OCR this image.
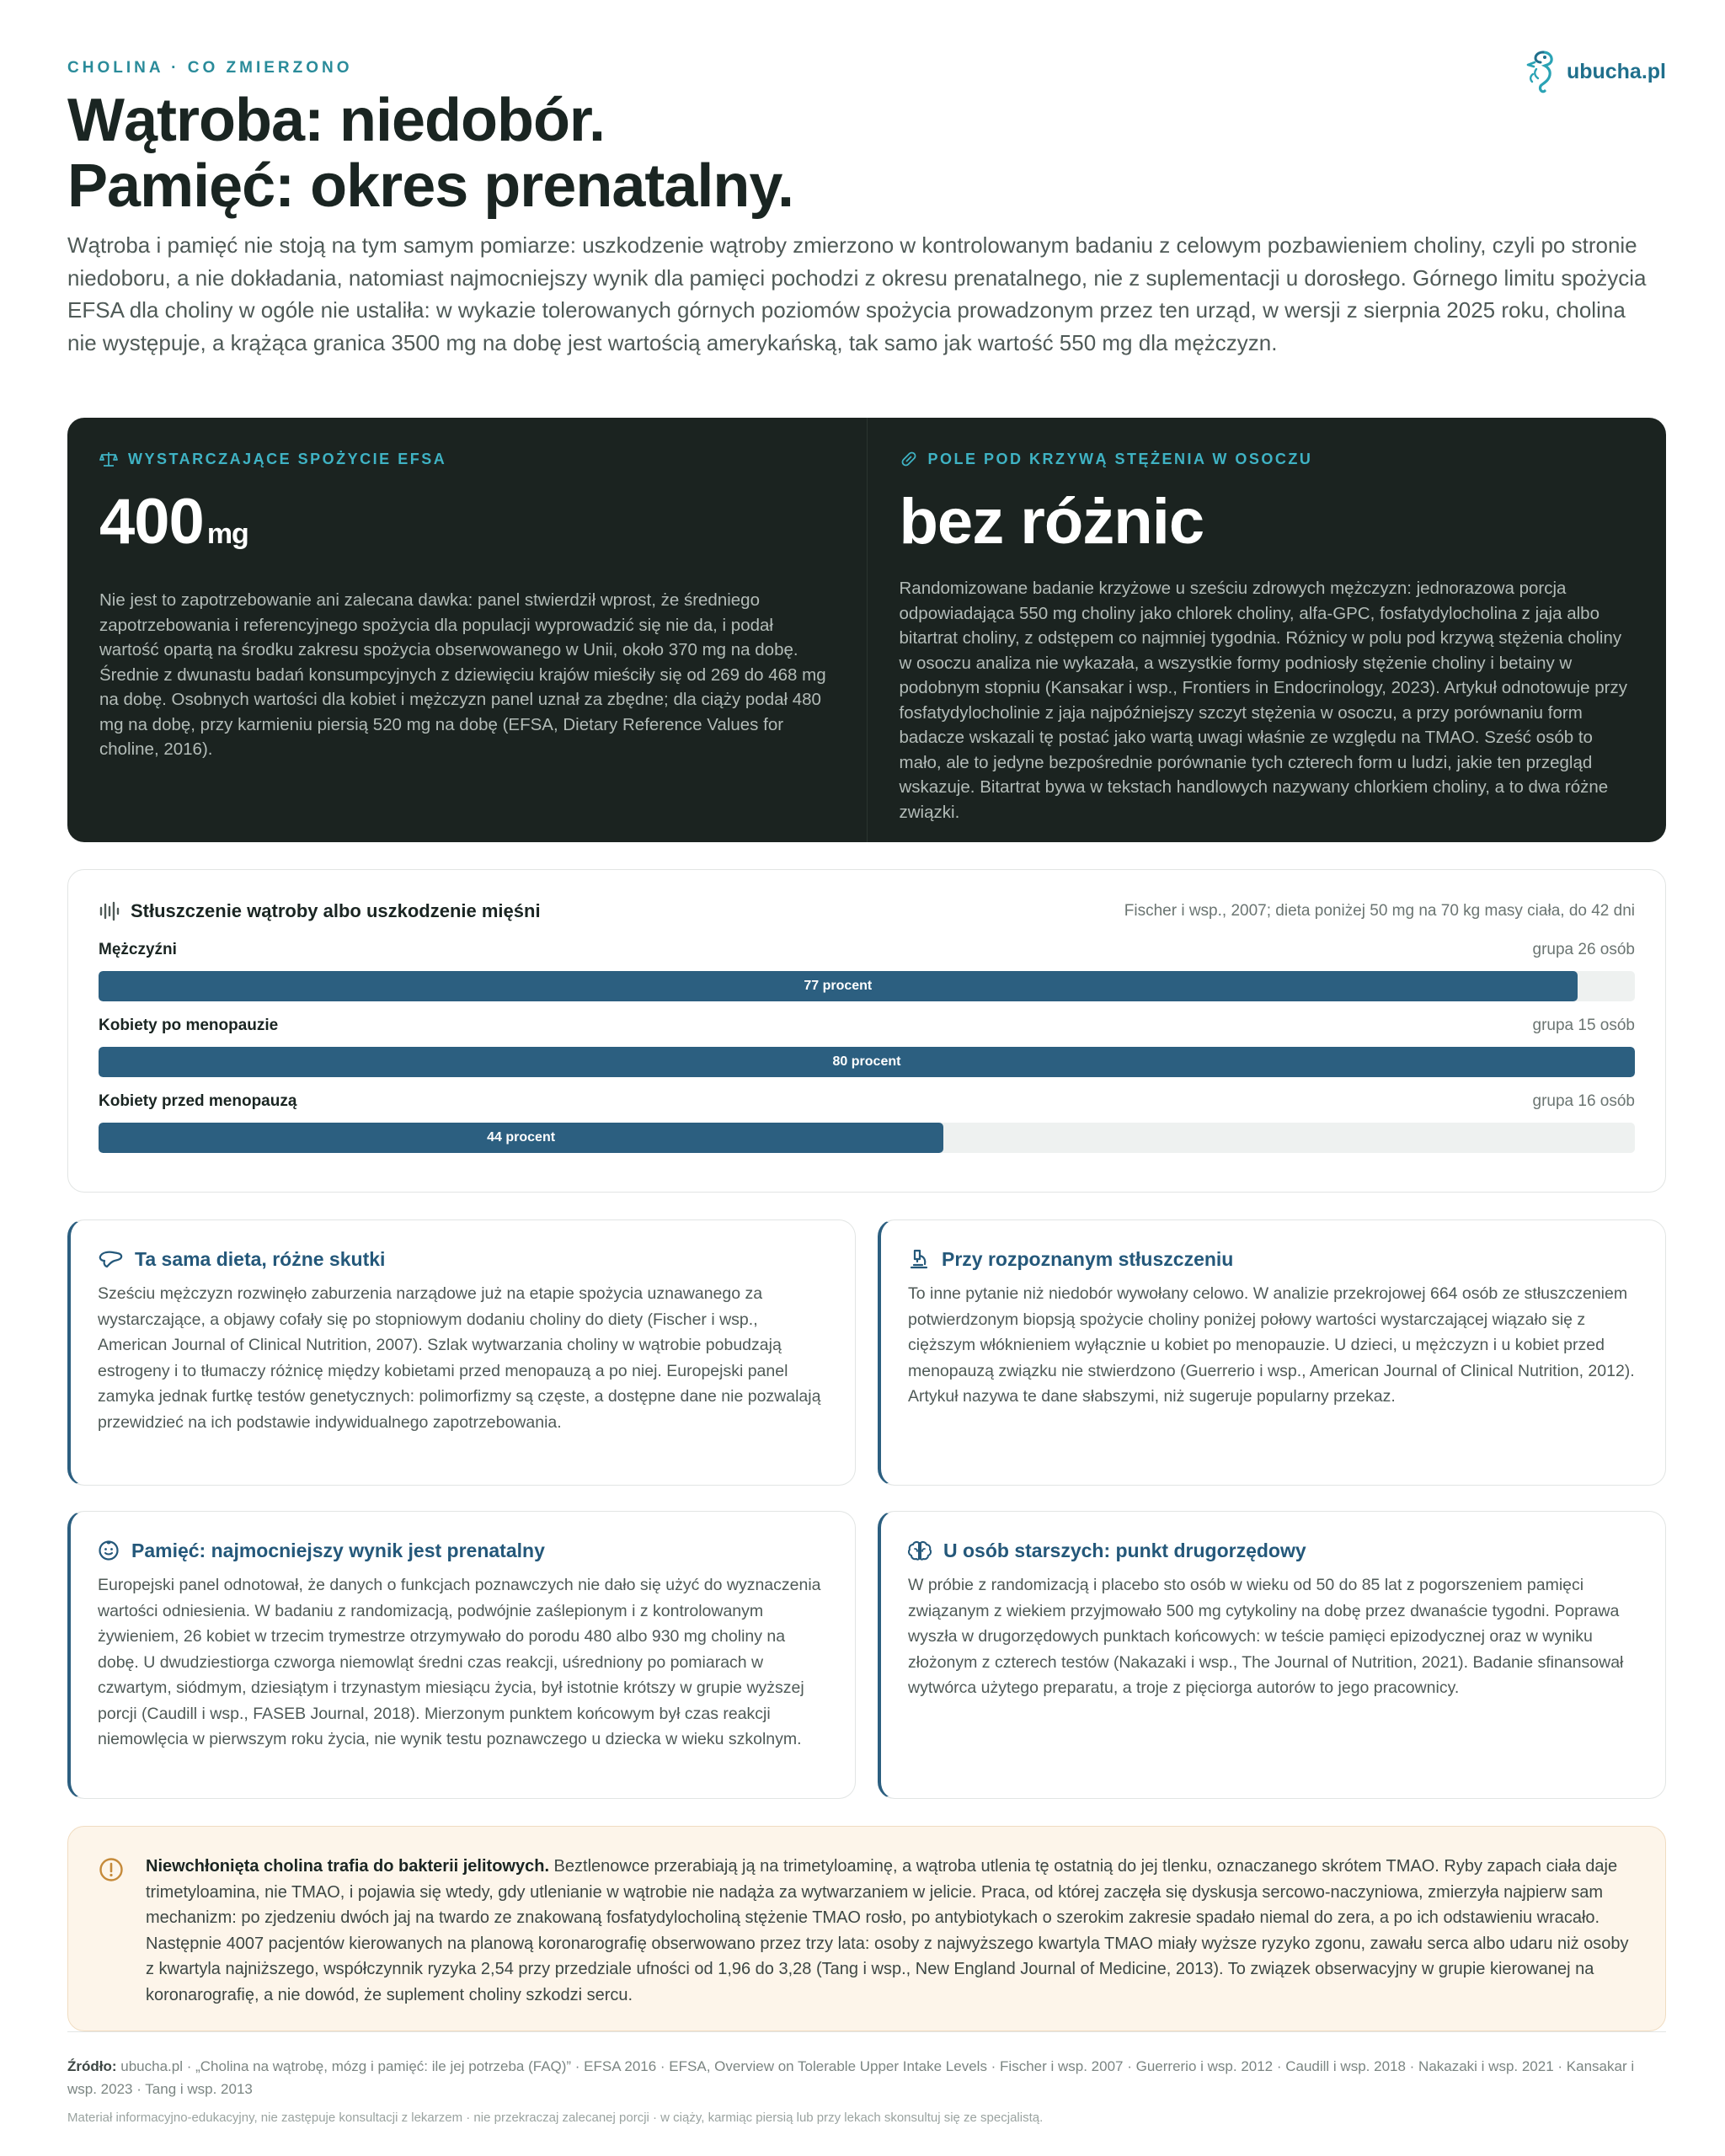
CHOLINA · CO ZMIERZONO	ubucha.pl
Wątroba: niedobór.
Pamięć: okres prenatalny.

Wątroba i pamięć nie stoją na tym samym pomiarze: uszkodzenie wątroby zmierzono w kontrolowanym badaniu z celowym pozbawieniem choliny, czyli po stronie niedoboru, a nie dokładania, natomiast najmocniejszy wynik dla pamięci pochodzi z okresu prenatalnego, nie z suplementacji u dorosłego. Górnego limitu spożycia EFSA dla choliny w ogóle nie ustaliła: w wykazie tolerowanych górnych poziomów spożycia prowadzonym przez ten urząd, w wersji z sierpnia 2025 roku, cholina nie występuje, a krążąca granica 3500 mg na dobę jest wartością amerykańską, tak samo jak wartość 550 mg dla mężczyzn.

WYSTARCZAJĄCE SPOŻYCIE EFSA
400 mg

Nie jest to zapotrzebowanie ani zalecana dawka: panel stwierdził wprost, że średniego zapotrzebowania i referencyjnego spożycia dla populacji wyprowadzić się nie da, i podał wartość opartą na środku zakresu spożycia obserwowanego w Unii, około 370 mg na dobę. Średnie z dwunastu badań konsumpcyjnych z dziewięciu krajów mieściły się od 269 do 468 mg na dobę. Osobnych wartości dla kobiet i mężczyzn panel uznał za zbędne; dla ciąży podał 480 mg na dobę, przy karmieniu piersią 520 mg na dobę (EFSA, Dietary Reference Values for choline, 2016).

POLE POD KRZYWĄ STĘŻENIA W OSOCZU
bez różnic

Randomizowane badanie krzyżowe u sześciu zdrowych mężczyzn: jednorazowa porcja odpowiadająca 550 mg choliny jako chlorek choliny, alfa-GPC, fosfatydylocholina z jaja albo bitartrat choliny, z odstępem co najmniej tygodnia. Różnicy w polu pod krzywą stężenia choliny w osoczu analiza nie wykazała, a wszystkie formy podniosły stężenie choliny i betainy w podobnym stopniu (Kansakar i wsp., Frontiers in Endocrinology, 2023). Artykuł odnotowuje przy fosfatydylocholinie z jaja najpóźniejszy szczyt stężenia w osoczu, a przy porównaniu form badacze wskazali tę postać jako wartą uwagi właśnie ze względu na TMAO. Sześć osób to mało, ale to jedyne bezpośrednie porównanie tych czterech form u ludzi, jakie ten przegląd wskazuje. Bitartrat bywa w tekstach handlowych nazywany chlorkiem choliny, a to dwa różne związki.

Stłuszczenie wątroby albo uszkodzenie mięśni	Fischer i wsp., 2007; dieta poniżej 50 mg na 70 kg masy ciała, do 42 dni
Mężczyźni	grupa 26 osób
77 procent
Kobiety po menopauzie	grupa 15 osób
80 procent
Kobiety przed menopauzą	grupa 16 osób
44 procent
Ta sama dieta, różne skutki

Sześciu mężczyzn rozwinęło zaburzenia narządowe już na etapie spożycia uznawanego za wystarczające, a objawy cofały się po stopniowym dodaniu choliny do diety (Fischer i wsp., American Journal of Clinical Nutrition, 2007). Szlak wytwarzania choliny w wątrobie pobudzają estrogeny i to tłumaczy różnicę między kobietami przed menopauzą a po niej. Europejski panel zamyka jednak furtkę testów genetycznych: polimorfizmy są częste, a dostępne dane nie pozwalają przewidzieć na ich podstawie indywidualnego zapotrzebowania.

Przy rozpoznanym stłuszczeniu

To inne pytanie niż niedobór wywołany celowo. W analizie przekrojowej 664 osób ze stłuszczeniem potwierdzonym biopsją spożycie choliny poniżej połowy wartości wystarczającej wiązało się z cięższym włóknieniem wyłącznie u kobiet po menopauzie. U dzieci, u mężczyzn i u kobiet przed menopauzą związku nie stwierdzono (Guerrerio i wsp., American Journal of Clinical Nutrition, 2012). Artykuł nazywa te dane słabszymi, niż sugeruje popularny przekaz.

Pamięć: najmocniejszy wynik jest prenatalny

Europejski panel odnotował, że danych o funkcjach poznawczych nie dało się użyć do wyznaczenia wartości odniesienia. W badaniu z randomizacją, podwójnie zaślepionym i z kontrolowanym żywieniem, 26 kobiet w trzecim trymestrze otrzymywało do porodu 480 albo 930 mg choliny na dobę. U dwudziestiorga czworga niemowląt średni czas reakcji, uśredniony po pomiarach w czwartym, siódmym, dziesiątym i trzynastym miesiącu życia, był istotnie krótszy w grupie wyższej porcji (Caudill i wsp., FASEB Journal, 2018). Mierzonym punktem końcowym był czas reakcji niemowlęcia w pierwszym roku życia, nie wynik testu poznawczego u dziecka w wieku szkolnym.

U osób starszych: punkt drugorzędowy

W próbie z randomizacją i placebo sto osób w wieku od 50 do 85 lat z pogorszeniem pamięci związanym z wiekiem przyjmowało 500 mg cytykoliny na dobę przez dwanaście tygodni. Poprawa wyszła w drugorzędowych punktach końcowych: w teście pamięci epizodycznej oraz w wyniku złożonym z czterech testów (Nakazaki i wsp., The Journal of Nutrition, 2021). Badanie sfinansował wytwórca użytego preparatu, a troje z pięciorga autorów to jego pracownicy.

Niewchłonięta cholina trafia do bakterii jelitowych. Beztlenowce przerabiają ją na trimetyloaminę, a wątroba utlenia tę ostatnią do jej tlenku, oznaczanego skrótem TMAO. Ryby zapach ciała daje trimetyloamina, nie TMAO, i pojawia się wtedy, gdy utlenianie w wątrobie nie nadąża za wytwarzaniem w jelicie. Praca, od której zaczęła się dyskusja sercowo-naczyniowa, zmierzyła najpierw sam mechanizm: po zjedzeniu dwóch jaj na twardo ze znakowaną fosfatydylocholiną stężenie TMAO rosło, po antybiotykach o szerokim zakresie spadało niemal do zera, a po ich odstawieniu wracało. Następnie 4007 pacjentów kierowanych na planową koronarografię obserwowano przez trzy lata: osoby z najwyższego kwartyla TMAO miały wyższe ryzyko zgonu, zawału serca albo udaru niż osoby z kwartyla najniższego, współczynnik ryzyka 2,54 przy przedziale ufności od 1,96 do 3,28 (Tang i wsp., New England Journal of Medicine, 2013). To związek obserwacyjny w grupie kierowanej na koronarografię, a nie dowód, że suplement choliny szkodzi sercu.

Źródło: ubucha.pl · „Cholina na wątrobę, mózg i pamięć: ile jej potrzeba (FAQ)” · EFSA 2016 · EFSA, Overview on Tolerable Upper Intake Levels · Fischer i wsp. 2007 · Guerrerio i wsp. 2012 · Caudill i wsp. 2018 · Nakazaki i wsp. 2021 · Kansakar i wsp. 2023 · Tang i wsp. 2013

Materiał informacyjno-edukacyjny, nie zastępuje konsultacji z lekarzem · nie przekraczaj zalecanej porcji · w ciąży, karmiąc piersią lub przy lekach skonsultuj się ze specjalistą.
